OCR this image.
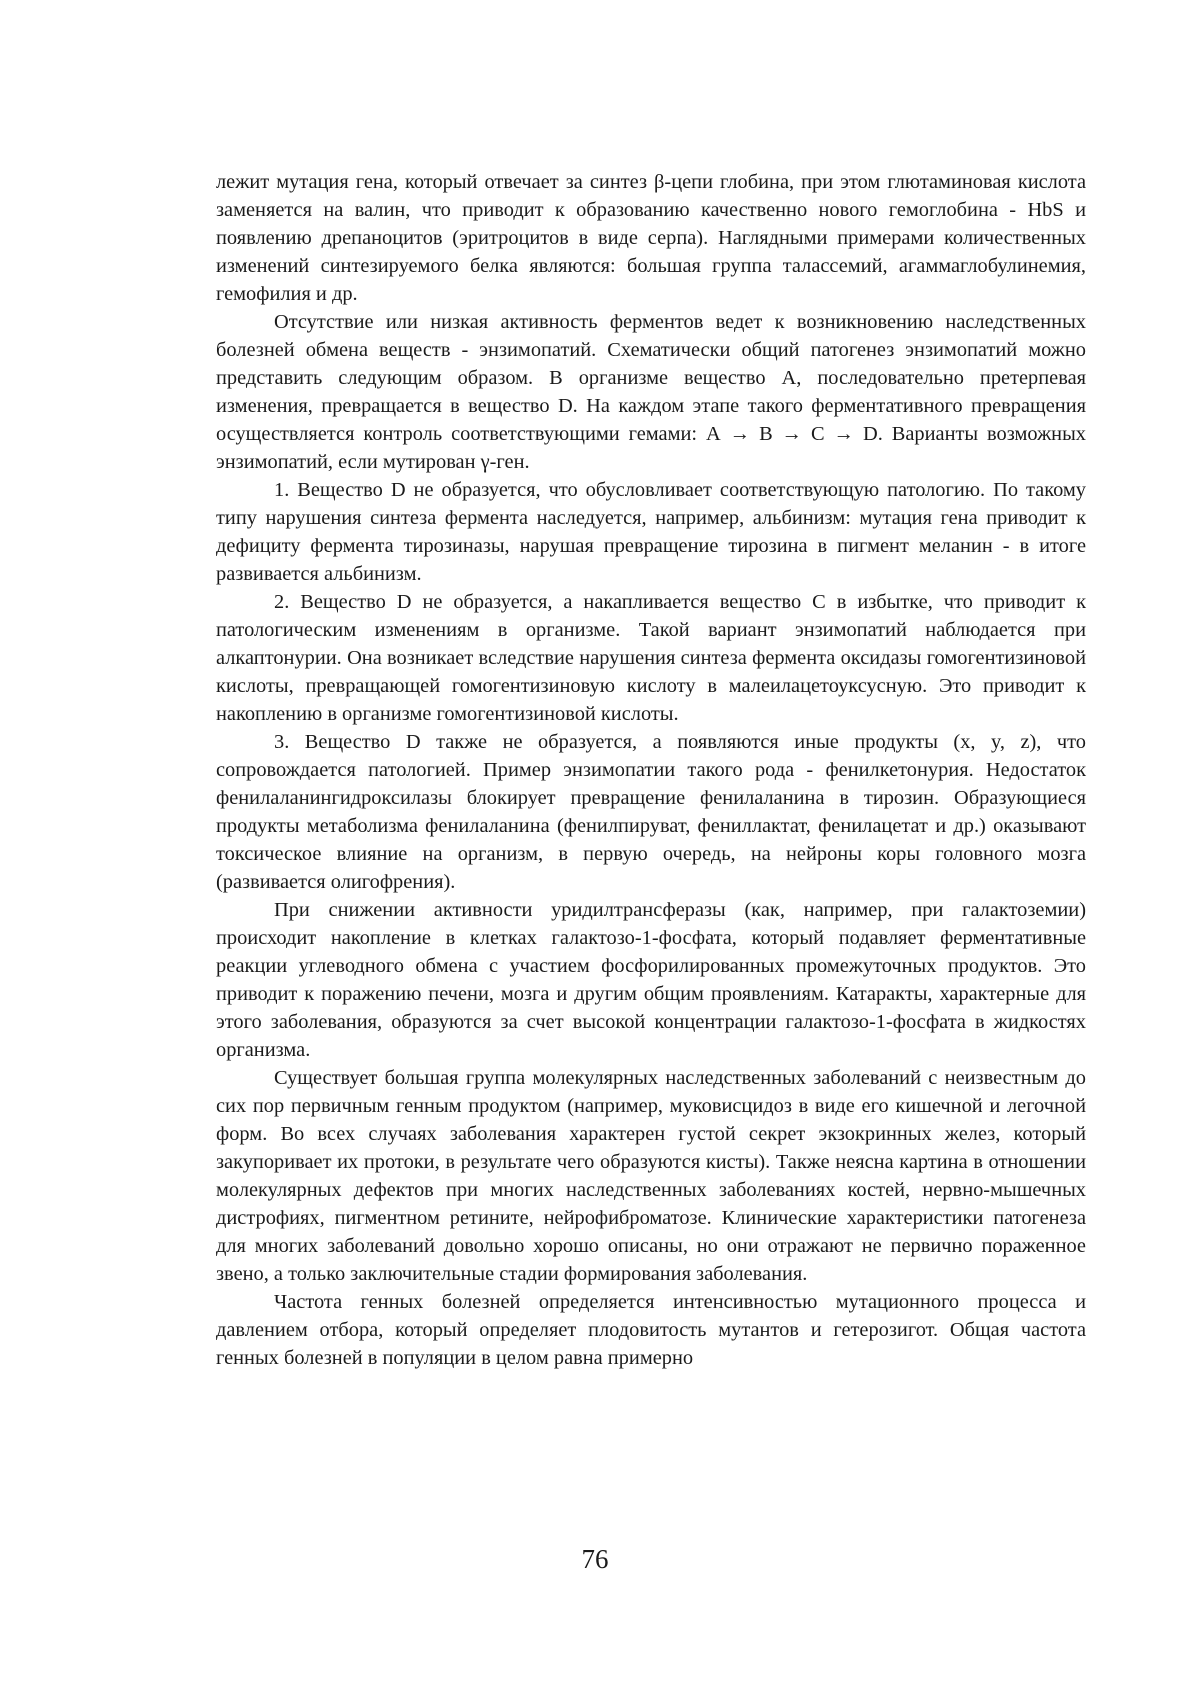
лежит мутация гена, который отвечает за синтез β-цепи глобина, при этом глютаминовая кислота заменяется на валин, что приводит к образованию качественно нового гемоглобина - HbS и появлению дрепаноцитов (эритроцитов в виде серпа). Наглядными примерами количественных изменений синтезируемого белка являются: большая группа талассемий, агаммаглобулинемия, гемофилия и др.

Отсутствие или низкая активность ферментов ведет к возникновению наследственных болезней обмена веществ - энзимопатий. Схематически общий патогенез энзимопатий можно представить следующим образом. В организме вещество А, последовательно претерпевая изменения, превращается в вещество D. На каждом этапе такого ферментативного превращения осуществляется контроль соответствующими гемами: А → В → С → D. Варианты возможных энзимопатий, если мутирован γ-ген.

1. Вещество D не образуется, что обусловливает соответствующую патологию. По такому типу нарушения синтеза фермента наследуется, например, альбинизм: мутация гена приводит к дефициту фермента тирозиназы, нарушая превращение тирозина в пигмент меланин - в итоге развивается альбинизм.

2. Вещество D не образуется, а накапливается вещество С в избытке, что приводит к патологическим изменениям в организме. Такой вариант энзимопатий наблюдается при алкаптонурии. Она возникает вследствие нарушения синтеза фермента оксидазы гомогентизиновой кислоты, превращающей гомогентизиновую кислоту в малеилацетоуксусную. Это приводит к накоплению в организме гомогентизиновой кислоты.

3. Вещество D также не образуется, а появляются иные продукты (x, y, z), что сопровождается патологией. Пример энзимопатии такого рода - фенилкетонурия. Недостаток фенилаланингидроксилазы блокирует превращение фенилаланина в тирозин. Образующиеся продукты метаболизма фенилаланина (фенилпируват, фениллактат, фенилацетат и др.) оказывают токсическое влияние на организм, в первую очередь, на нейроны коры головного мозга (развивается олигофрения).

При снижении активности уридилтрансферазы (как, например, при галактоземии) происходит накопление в клетках галактозо-1-фосфата, который подавляет ферментативные реакции углеводного обмена с участием фосфорилированных промежуточных продуктов. Это приводит к поражению печени, мозга и другим общим проявлениям. Катаракты, характерные для этого заболевания, образуются за счет высокой концентрации галактозо-1-фосфата в жидкостях организма.

Существует большая группа молекулярных наследственных заболеваний с неизвестным до сих пор первичным генным продуктом (например, муковисцидоз в виде его кишечной и легочной форм. Во всех случаях заболевания характерен густой секрет экзокринных желез, который закупоривает их протоки, в результате чего образуются кисты). Также неясна картина в отношении молекулярных дефектов при многих наследственных заболеваниях костей, нервно-мышечных дистрофиях, пигментном ретините, нейрофиброматозе. Клинические характеристики патогенеза для многих заболеваний довольно хорошо описаны, но они отражают не первично пораженное звено, а только заключительные стадии формирования заболевания.

Частота генных болезней определяется интенсивностью мутационного процесса и давлением отбора, который определяет плодовитость мутантов и гетерозигот. Общая частота генных болезней в популяции в целом равна примерно

76
